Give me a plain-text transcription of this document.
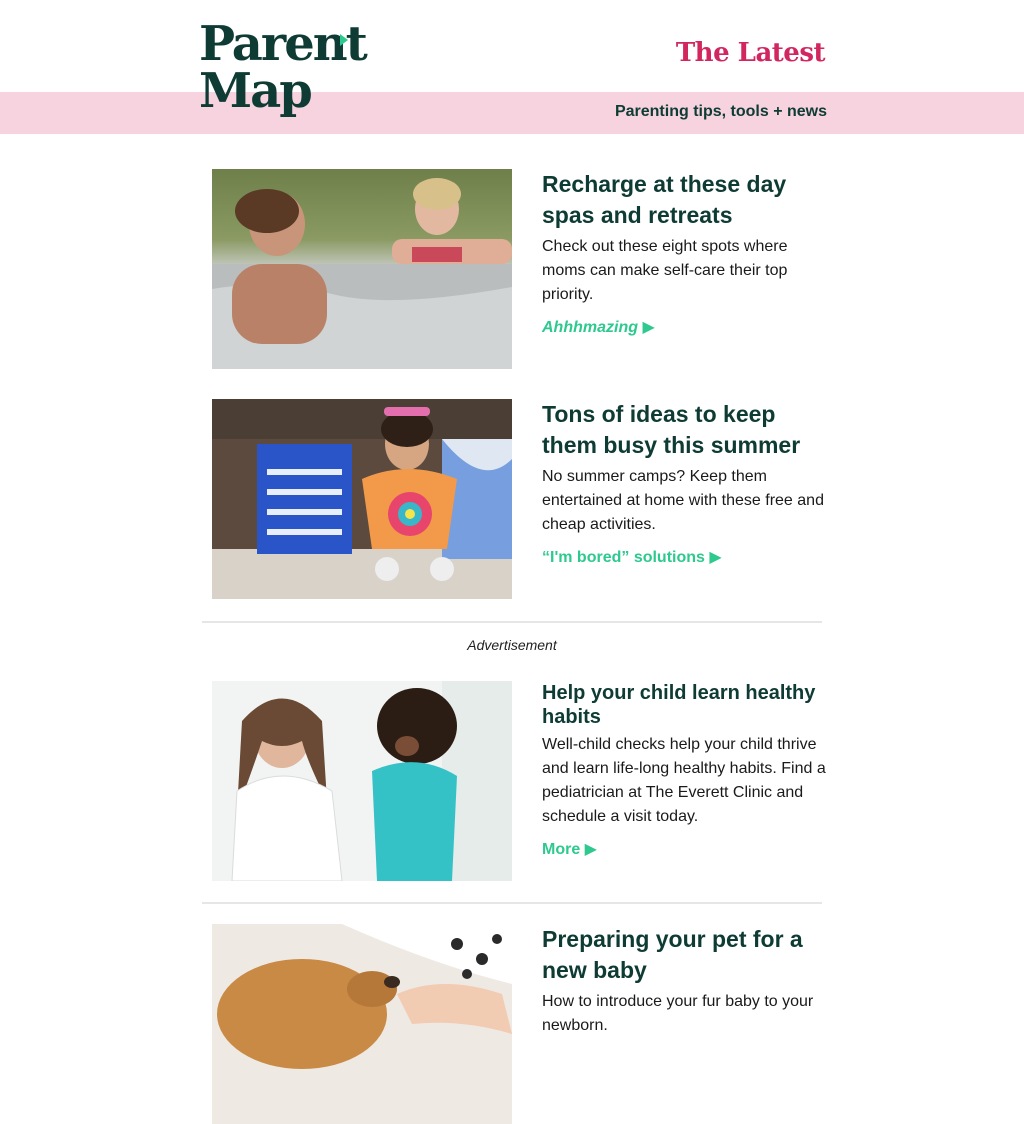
Parent
Map
The Latest
Parenting tips, tools + news
Recharge at these day spas and retreats

Check out these eight spots where moms can make self-care their top priority.

Ahhhmazing ▶
Tons of ideas to keep them busy this summer

No summer camps? Keep them entertained at home with these free and cheap activities.

“I'm bored” solutions ▶
Advertisement
Help your child learn healthy habits

Well-child checks help your child thrive and learn life-long healthy habits. Find a pediatrician at The Everett Clinic and schedule a visit today.

More ▶
Preparing your pet for a new baby

How to introduce your fur baby to your newborn.
